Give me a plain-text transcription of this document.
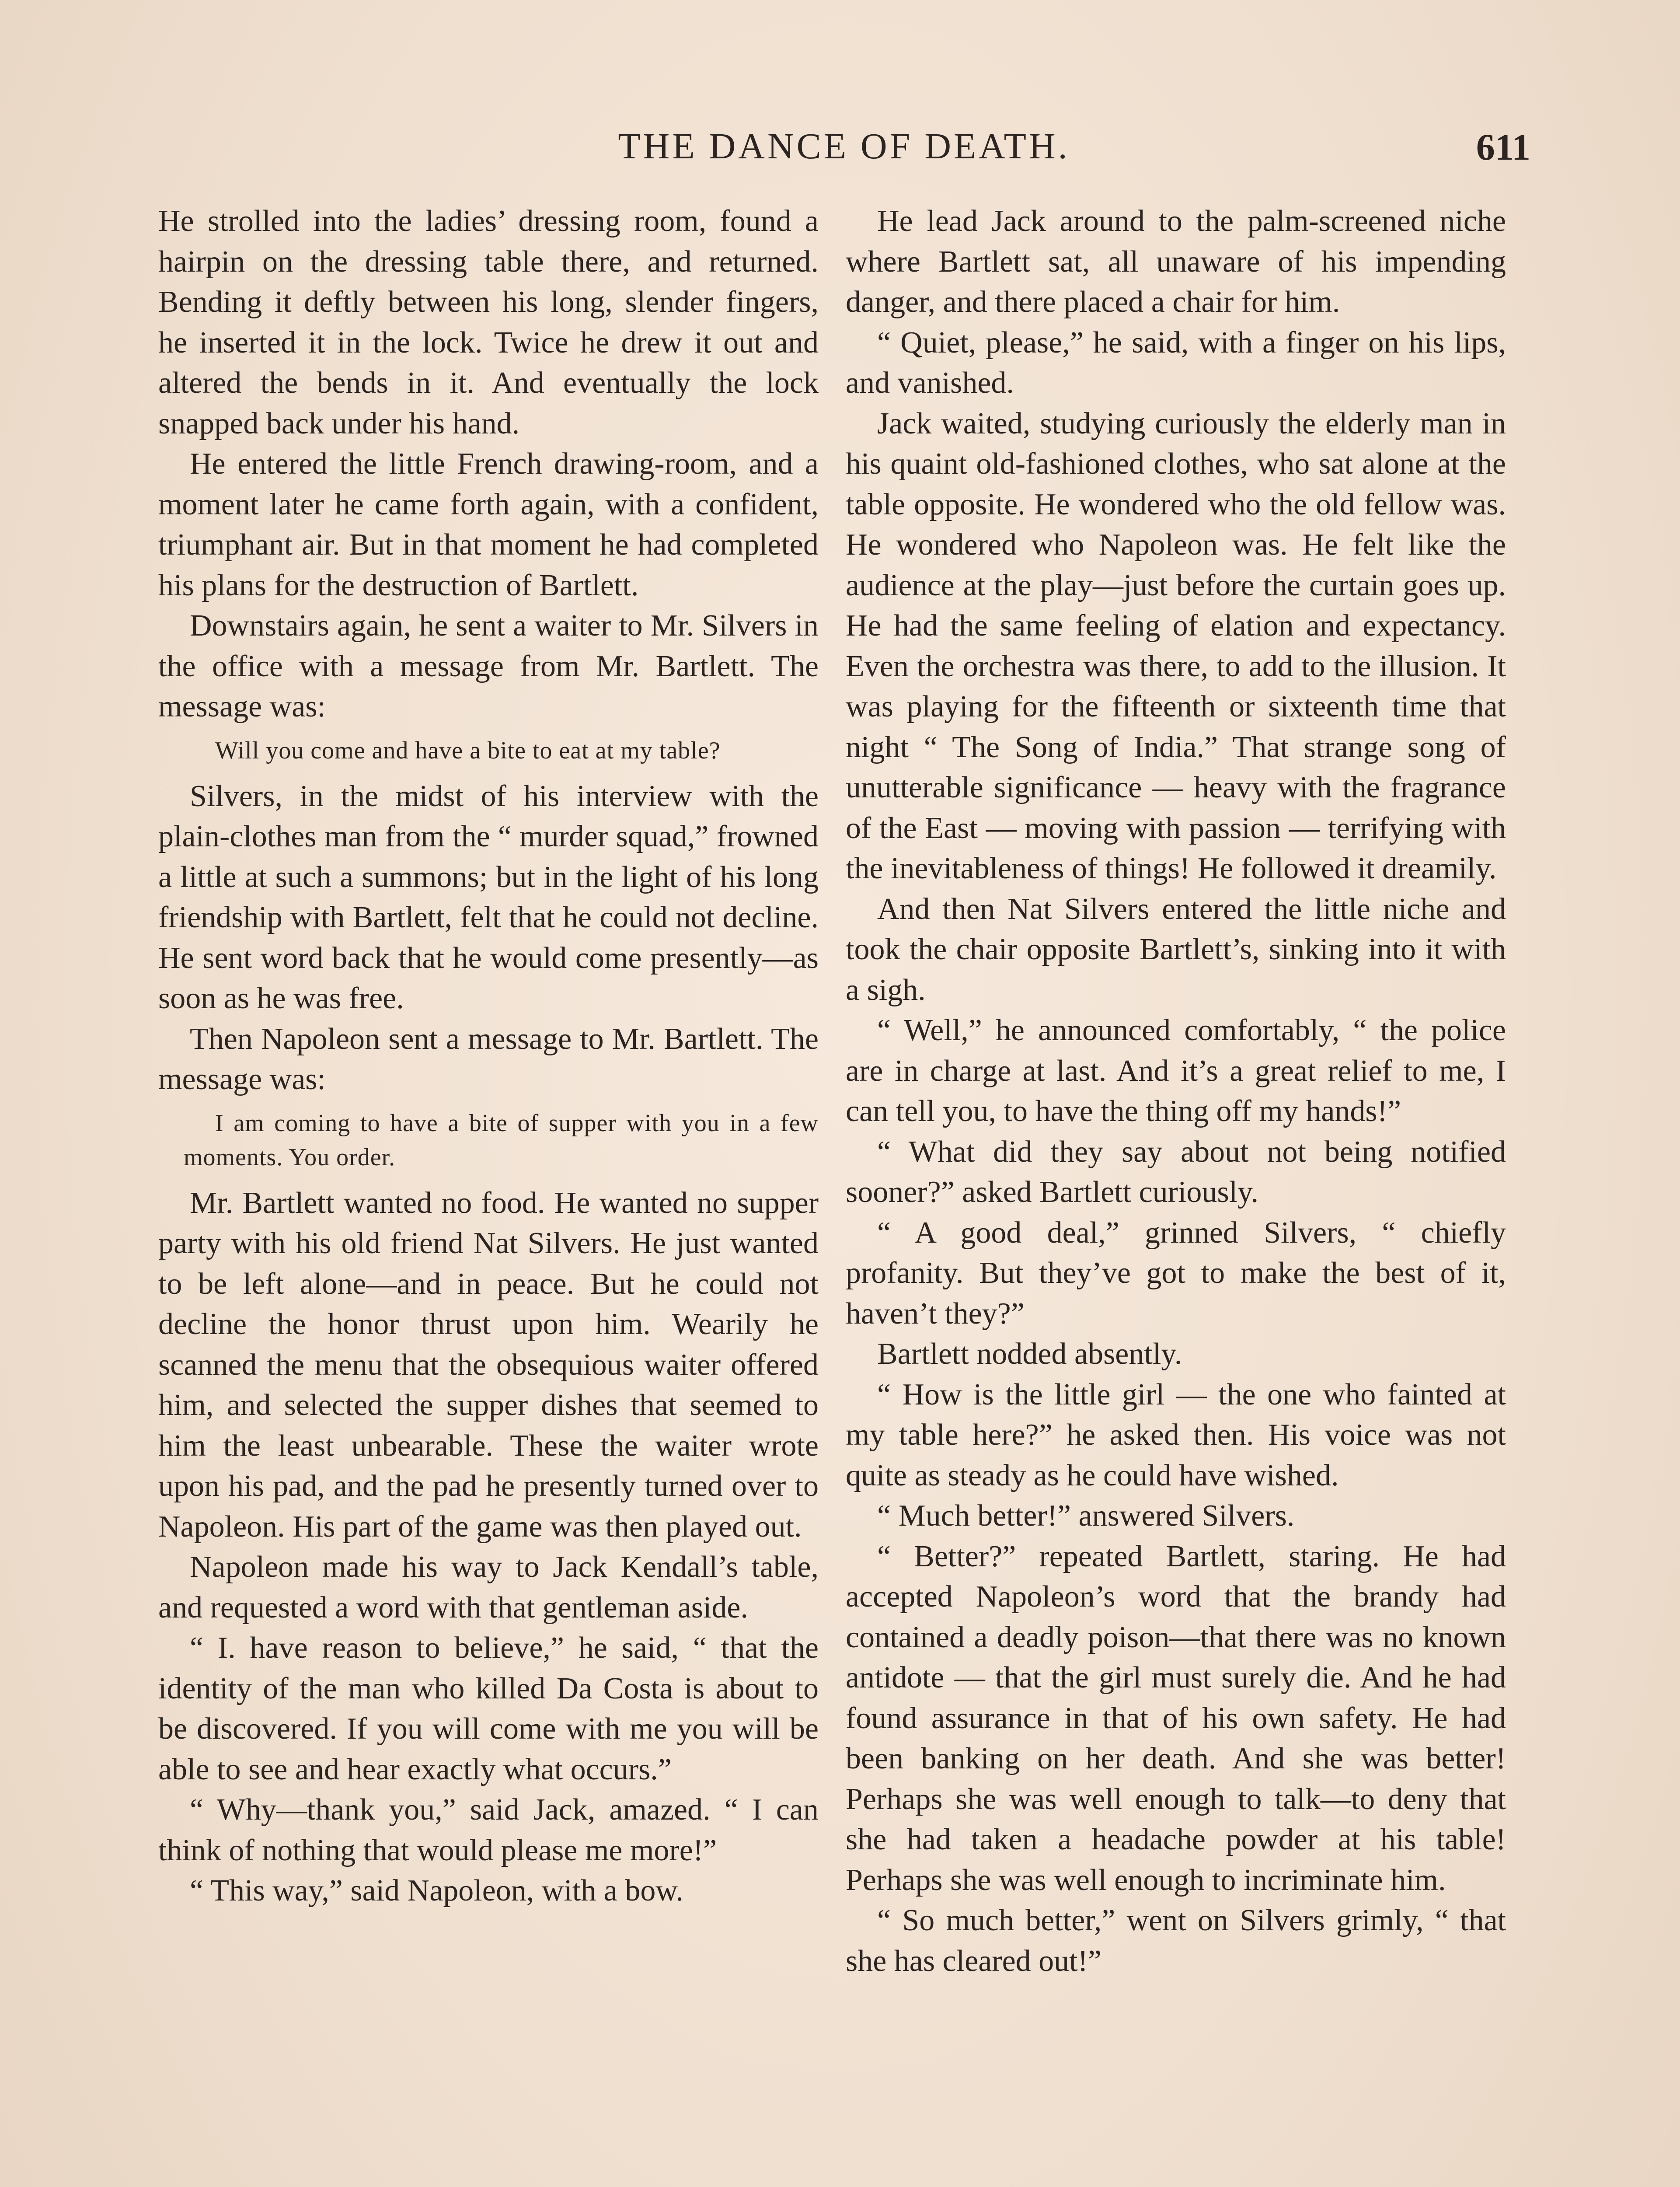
THE DANCE OF DEATH.	611

He strolled into the ladies’ dressing room, found a hairpin on the dressing table there, and returned. Bending it deftly between his long, slender fingers, he inserted it in the lock. Twice he drew it out and altered the bends in it. And eventually the lock snapped back under his hand.

He entered the little French drawing-room, and a moment later he came forth again, with a confident, triumphant air. But in that moment he had completed his plans for the destruction of Bartlett.

Downstairs again, he sent a waiter to Mr. Silvers in the office with a message from Mr. Bartlett. The message was:

Will you come and have a bite to eat at my table?

Silvers, in the midst of his interview with the plain-clothes man from the “ murder squad,” frowned a little at such a summons; but in the light of his long friendship with Bartlett, felt that he could not decline. He sent word back that he would come presently—as soon as he was free.

Then Napoleon sent a message to Mr. Bartlett. The message was:

I am coming to have a bite of supper with you in a few moments. You order.

Mr. Bartlett wanted no food. He wanted no supper party with his old friend Nat Silvers. He just wanted to be left alone—and in peace. But he could not decline the honor thrust upon him. Wearily he scanned the menu that the obsequious waiter offered him, and selected the supper dishes that seemed to him the least unbearable. These the waiter wrote upon his pad, and the pad he presently turned over to Napoleon. His part of the game was then played out.

Napoleon made his way to Jack Kendall’s table, and requested a word with that gentleman aside.

“ I. have reason to believe,” he said, “ that the identity of the man who killed Da Costa is about to be discovered. If you will come with me you will be able to see and hear exactly what occurs.”

“ Why—thank you,” said Jack, amazed. “ I can think of nothing that would please me more!”

“ This way,” said Napoleon, with a bow.

He lead Jack around to the palm-screened niche where Bartlett sat, all unaware of his impending danger, and there placed a chair for him.

“ Quiet, please,” he said, with a finger on his lips, and vanished.

Jack waited, studying curiously the elderly man in his quaint old-fashioned clothes, who sat alone at the table opposite. He wondered who the old fellow was. He wondered who Napoleon was. He felt like the audience at the play—just before the curtain goes up. He had the same feeling of elation and expectancy. Even the orchestra was there, to add to the illusion. It was playing for the fifteenth or sixteenth time that night “ The Song of India.” That strange song of unutterable significance — heavy with the fragrance of the East — moving with passion — terrifying with the inevitableness of things! He followed it dreamily.

And then Nat Silvers entered the little niche and took the chair opposite Bartlett’s, sinking into it with a sigh.

“ Well,” he announced comfortably, “ the police are in charge at last. And it’s a great relief to me, I can tell you, to have the thing off my hands!”

“ What did they say about not being notified sooner?” asked Bartlett curiously.

“ A good deal,” grinned Silvers, “ chiefly profanity. But they’ve got to make the best of it, haven’t they?”

Bartlett nodded absently.

“ How is the little girl — the one who fainted at my table here?” he asked then. His voice was not quite as steady as he could have wished.

“ Much better!” answered Silvers.

“ Better?” repeated Bartlett, staring. He had accepted Napoleon’s word that the brandy had contained a deadly poison—that there was no known antidote — that the girl must surely die. And he had found assurance in that of his own safety. He had been banking on her death. And she was better! Perhaps she was well enough to talk—to deny that she had taken a headache powder at his table! Perhaps she was well enough to incriminate him.

“ So much better,” went on Silvers grimly, “ that she has cleared out!”
